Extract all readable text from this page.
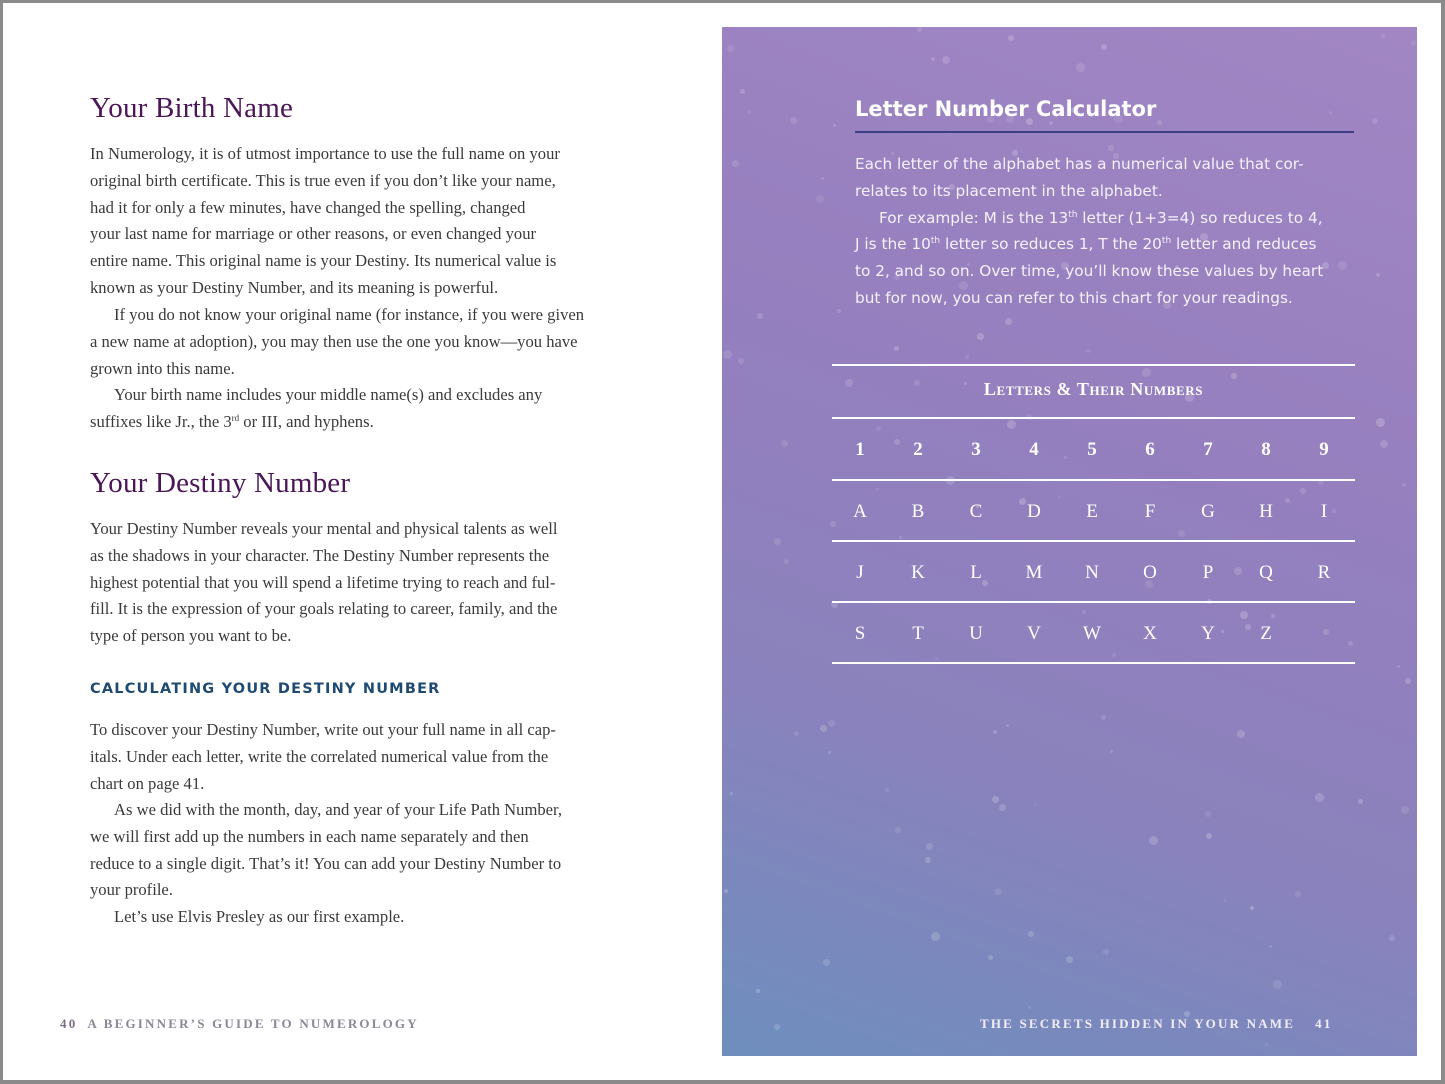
Your Birth Name

In Numerology, it is of utmost importance to use the full name on your
original birth certificate. This is true even if you don’t like your name,
had it for only a few minutes, have changed the spelling, changed
your last name for marriage or other reasons, or even changed your
entire name. This original name is your Destiny. Its numerical value is
known as your Destiny Number, and its meaning is powerful.

If you do not know your original name (for instance, if you were given
a new name at adoption), you may then use the one you know—you have
grown into this name.

Your birth name includes your middle name(s) and excludes any
suffixes like Jr., the 3rd or III, and hyphens.

Your Destiny Number

Your Destiny Number reveals your mental and physical talents as well
as the shadows in your character. The Destiny Number represents the
highest potential that you will spend a lifetime trying to reach and ful-
fill. It is the expression of your goals relating to career, family, and the
type of person you want to be.

CALCULATING YOUR DESTINY NUMBER

To discover your Destiny Number, write out your full name in all cap-
itals. Under each letter, write the correlated numerical value from the
chart on page 41.

As we did with the month, day, and year of your Life Path Number,
we will first add up the numbers in each name separately and then
reduce to a single digit. That’s it! You can add your Destiny Number to
your profile.

Let’s use Elvis Presley as our first example.

40 A BEGINNER’S GUIDE TO NUMEROLOGY
Letter Number Calculator

Each letter of the alphabet has a numerical value that cor-
relates to its placement in the alphabet.
For example: M is the 13th letter (1+3=4) so reduces to 4,
J is the 10th letter so reduces 1, T the 20th letter and reduces
to 2, and so on. Over time, you’ll know these values by heart
but for now, you can refer to this chart for your readings.

Letters & Their Numbers
1	2	3	4	5	6	7	8	9
A	B	C	D	E	F	G	H	I
J	K	L	M	N	O	P	Q	R
S	T	U	V	W	X	Y	Z
THE SECRETS HIDDEN IN YOUR NAME 41
